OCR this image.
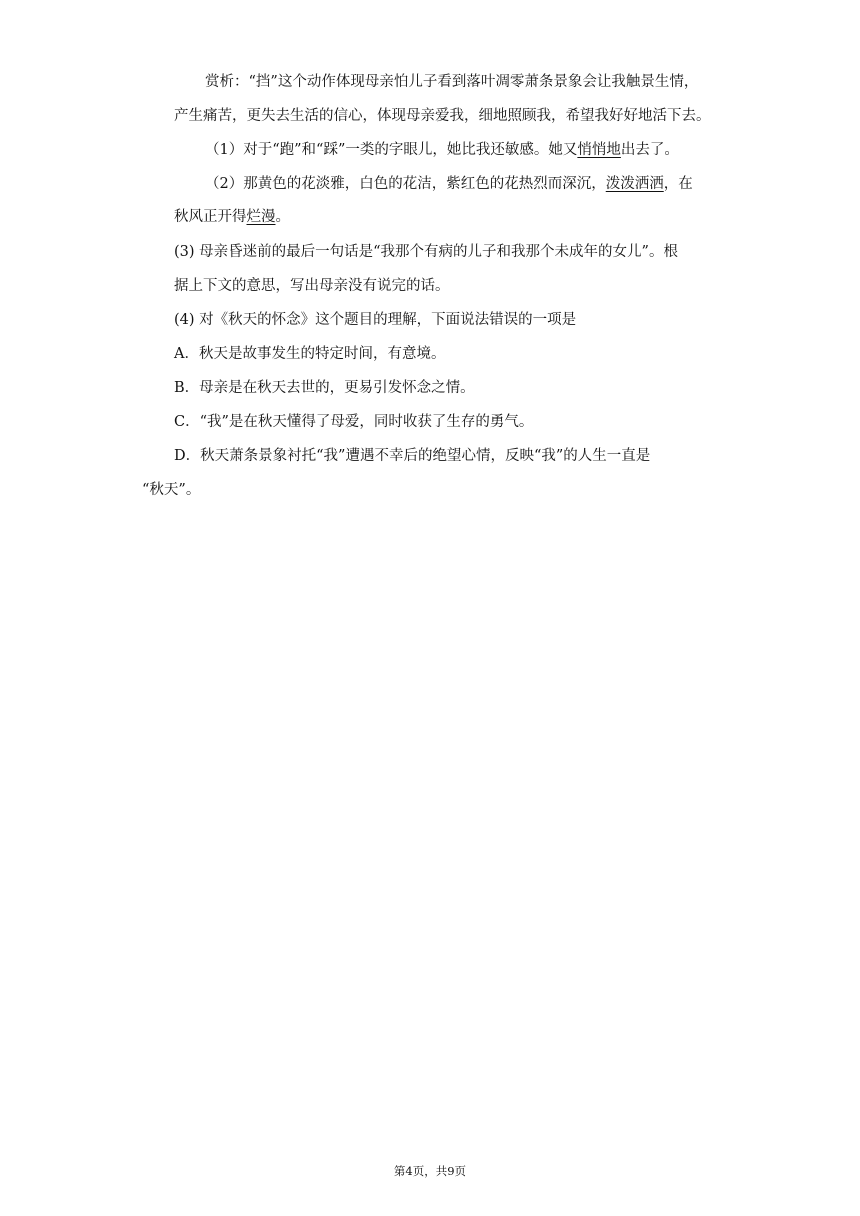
赏析：“挡”这个动作体现母亲怕儿子看到落叶凋零萧条景象会让我触景生情，
产生痛苦，更失去生活的信心，体现母亲爱我，细地照顾我，希望我好好地活下去。
（1）对于“跑”和“踩”一类的字眼儿，她比我还敏感。她又悄悄地出去了。
（2）那黄色的花淡雅，白色的花洁，紫红色的花热烈而深沉，泼泼洒洒，在
秋风正开得烂漫。
(3) 母亲昏迷前的最后一句话是“我那个有病的儿子和我那个未成年的女儿”。根
据上下文的意思，写出母亲没有说完的话。
(4) 对《秋天的怀念》这个题目的理解，下面说法错误的一项是
A．秋天是故事发生的特定时间，有意境。
B．母亲是在秋天去世的，更易引发怀念之情。
C．“我”是在秋天懂得了母爱，同时收获了生存的勇气。
D．秋天萧条景象衬托“我”遭遇不幸后的绝望心情，反映“我”的人生一直是
“秋天”。
第4页，共9页
